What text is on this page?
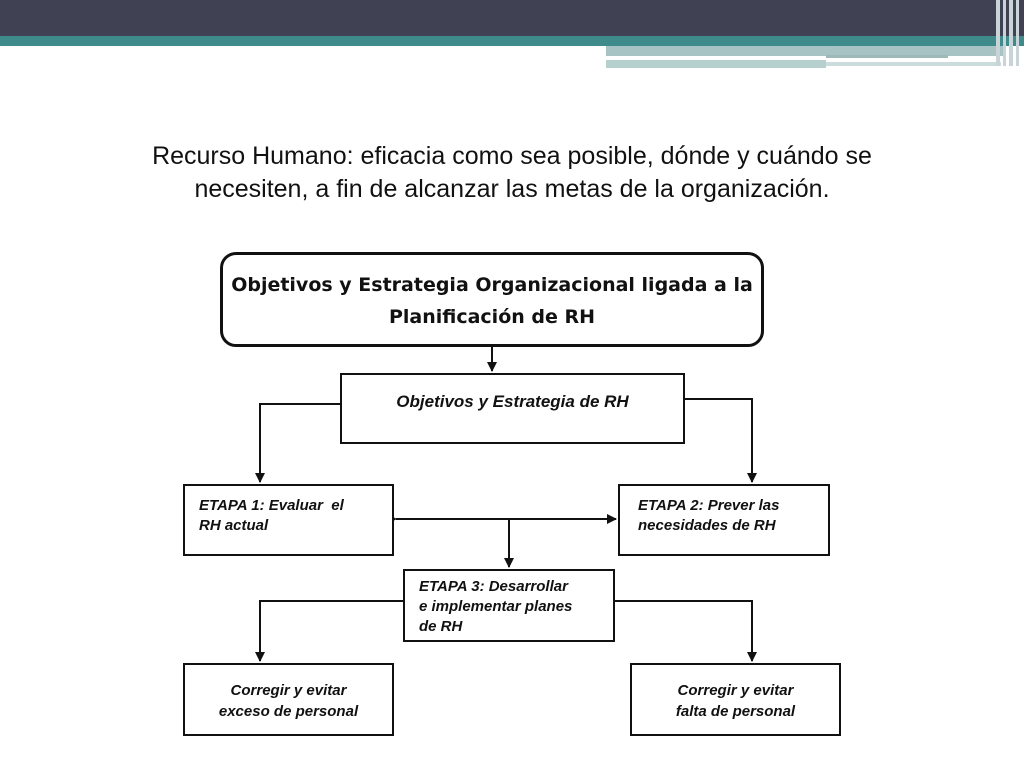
Recurso Humano: eficacia como sea posible, dónde y cuándo se
necesiten, a fin de alcanzar las metas de la organización.
Objetivos y Estrategia Organizacional ligada a la
Planificación de RH
Objetivos y Estrategia de RH
ETAPA 1: Evaluar  el
RH actual
ETAPA 2: Prever las
necesidades de RH
ETAPA 3: Desarrollar
e implementar planes
de RH
Corregir y evitar
exceso de personal
Corregir y evitar
falta de personal
